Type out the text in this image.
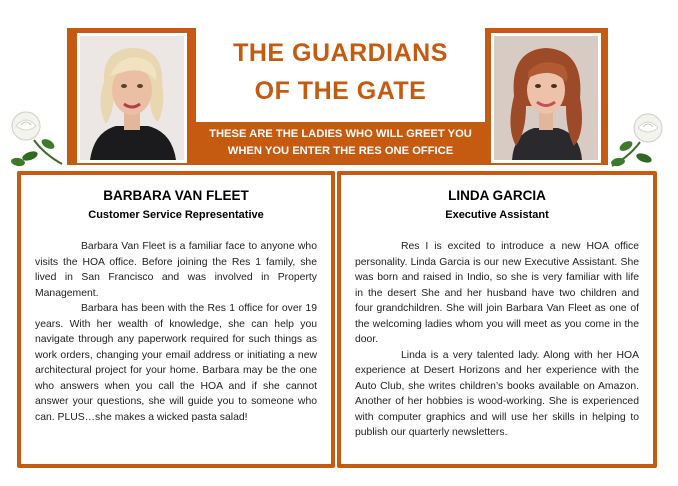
THE GUARDIANS
OF THE GATE
THESE ARE THE LADIES WHO WILL GREET YOU
WHEN YOU ENTER THE RES ONE OFFICE
BARBARA VAN FLEET
Customer Service Representative

Barbara Van Fleet is a familiar face to anyone who visits the HOA office. Before joining the Res 1 family, she lived in San Francisco and was involved in Property Management.

Barbara has been with the Res 1 office for over 19 years. With her wealth of knowledge, she can help you navigate through any paperwork required for such things as work orders, changing your email address or initiating a new architectural project for your home. Barbara may be the one who answers when you call the HOA and if she cannot answer your questions, she will guide you to someone who can. PLUS…she makes a wicked pasta salad!

LINDA GARCIA
Executive Assistant

Res I is excited to introduce a new HOA office personality. Linda Garcia is our new Executive Assistant. She was born and raised in Indio, so she is very familiar with life in the desert She and her husband have two children and four grandchildren. She will join Barbara Van Fleet as one of the welcoming ladies whom you will meet as you come in the door.

Linda is a very talented lady. Along with her HOA experience at Desert Horizons and her experience with the Auto Club, she writes children’s books available on Amazon. Another of her hobbies is wood-working. She is experienced with computer graphics and will use her skills in helping to publish our quarterly newsletters.
